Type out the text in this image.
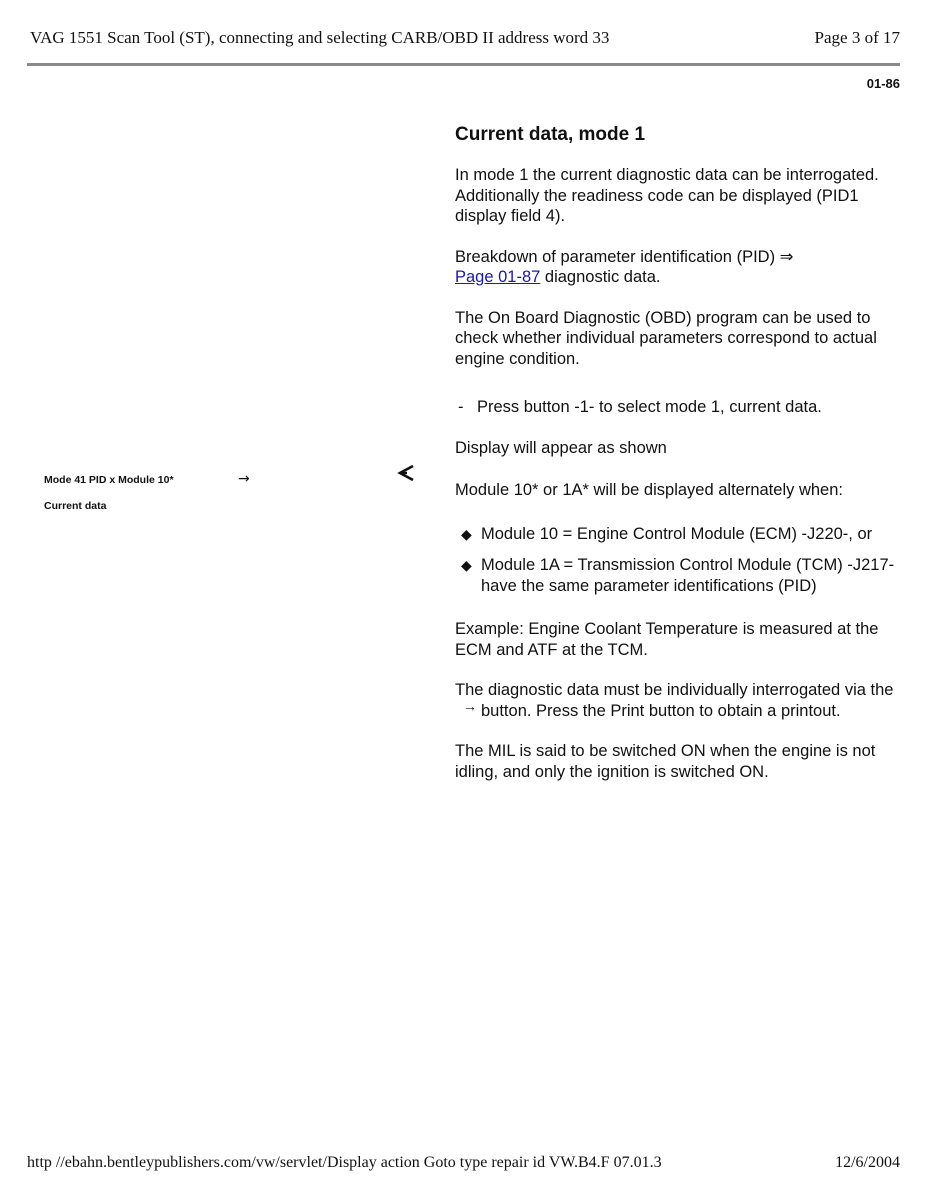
VAG 1551 Scan Tool (ST), connecting and selecting CARB/OBD II address word 33	Page 3 of 17
01-86
Mode 41 PID x Module 10*	→
Current data
Current data, mode 1

In mode 1 the current diagnostic data can be interrogated. Additionally the readiness code can be displayed (PID1 display field 4).

Breakdown of parameter identification (PID) ⇒
Page 01-87 diagnostic data.

The On Board Diagnostic (OBD) program can be used to check whether individual parameters correspond to actual engine condition.

- Press button -1- to select mode 1, current data.

Display will appear as shown

Module 10* or 1A* will be displayed alternately when:

◆ Module 10 = Engine Control Module (ECM) -J220-, or
◆ Module 1A = Transmission Control Module (TCM) -J217- have the same parameter identifications (PID)

Example: Engine Coolant Temperature is measured at the ECM and ATF at the TCM.

The diagnostic data must be individually interrogated via the→ button. Press the Print button to obtain a printout.

The MIL is said to be switched ON when the engine is not idling, and only the ignition is switched ON.

http //ebahn.bentleypublishers.com/vw/servlet/Display action Goto type repair id VW.B4.F 07.01.3	12/6/2004
